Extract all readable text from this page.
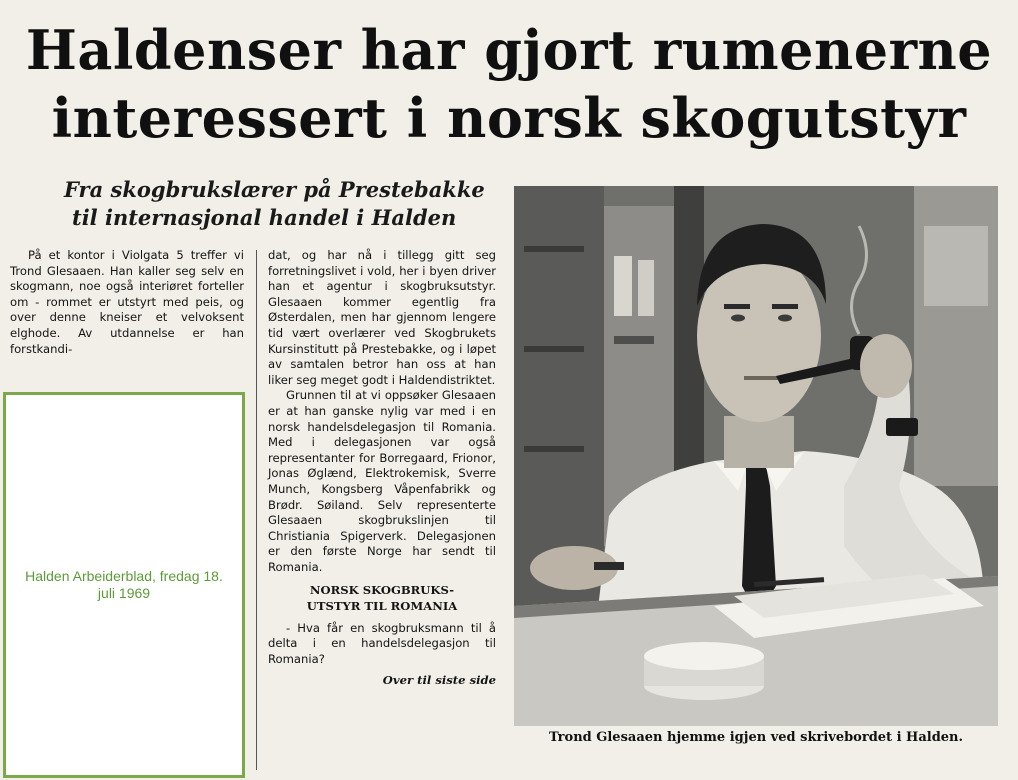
Haldenser har gjort rumenerne
interessert i norsk skogutstyr
Fra skogbrukslærer på Prestebakke
til internasjonal handel i Halden

På et kontor i Violgata 5 treffer vi Trond Glesaaen. Han kaller seg selv en skogmann, noe også interiøret forteller om - rommet er utstyrt med peis, og over denne kneiser et velvoksent elghode. Av utdannelse er han forstkandi-

dat, og har nå i tillegg gitt seg forretningslivet i vold, her i byen driver han et agentur i skogbruksutstyr. Glesaaen kommer egentlig fra Østerdalen, men har gjennom lengere tid vært overlærer ved Skogbrukets Kursinstitutt på Prestebakke, og i løpet av samtalen betror han oss at han liker seg meget godt i Haldendistriktet.

Grunnen til at vi oppsøker Glesaaen er at han ganske nylig var med i en norsk handelsdelegasjon til Romania. Med i delegasjonen var også representanter for Borregaard, Frionor, Jonas Øglænd, Elektrokemisk, Sverre Munch, Kongsberg Våpenfabrikk og Brødr. Søiland. Selv representerte Glesaaen skogbrukslinjen til Christiania Spigerverk. Delegasjonen er den første Norge har sendt til Romania.

NORSK SKOGBRUKS-
UTSTYR TIL ROMANIA

- Hva får en skogbruksmann til å delta i en handelsdelegasjon til Romania?

Over til siste side

Trond Glesaaen hjemme igjen ved skrivebordet i Halden.

Halden Arbeiderblad, fredag 18. juli 1969
